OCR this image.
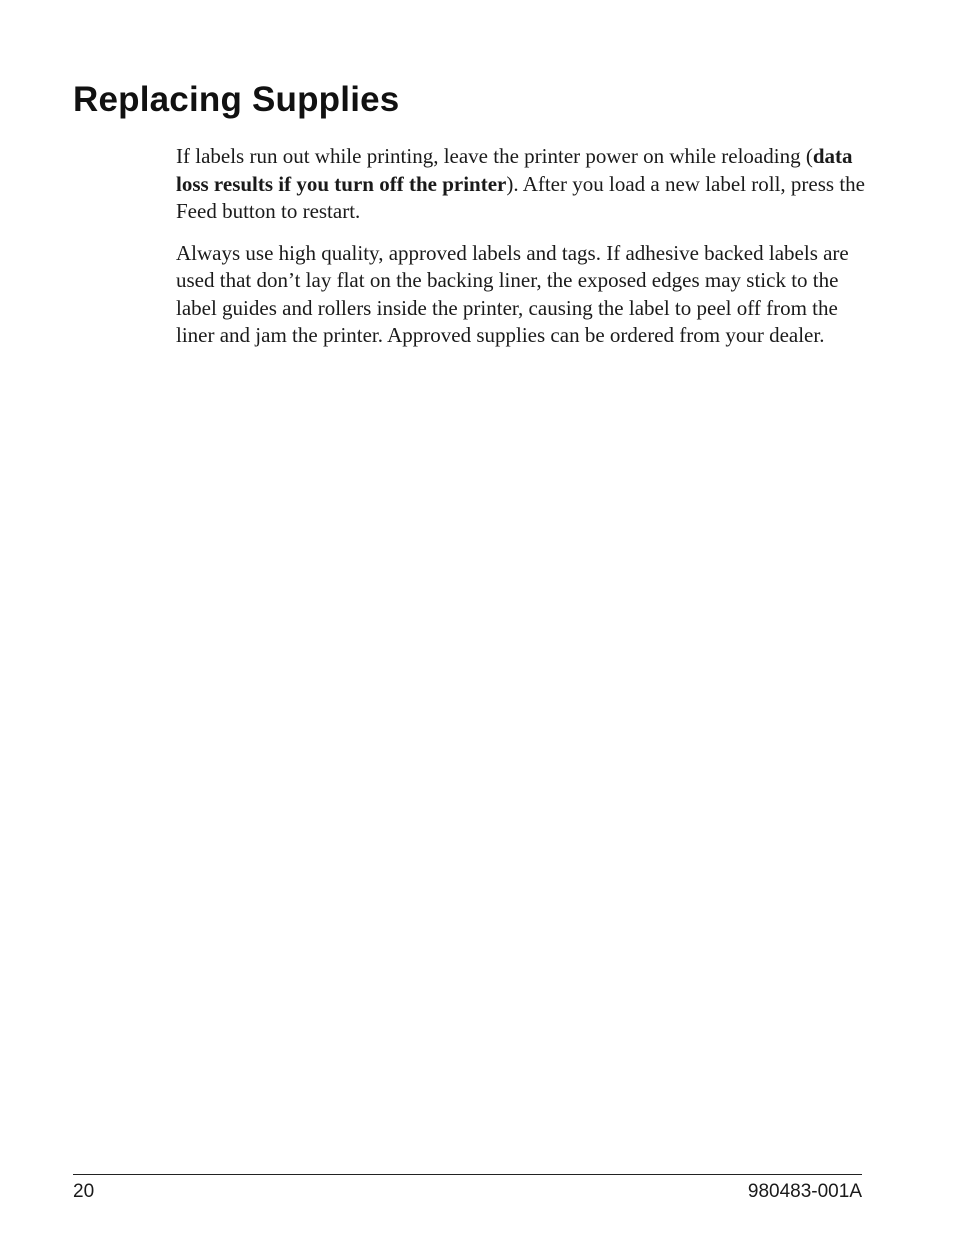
Replacing Supplies

If labels run out while printing, leave the printer power on while reloading (data loss results if you turn off the printer). After you load a new label roll, press the Feed button to restart.

Always use high quality, approved labels and tags. If adhesive backed labels are used that don’t lay flat on the backing liner, the exposed edges may stick to the label guides and rollers inside the printer, causing the label to peel off from the liner and jam the printer. Approved supplies can be ordered from your dealer.

20	980483-001A
